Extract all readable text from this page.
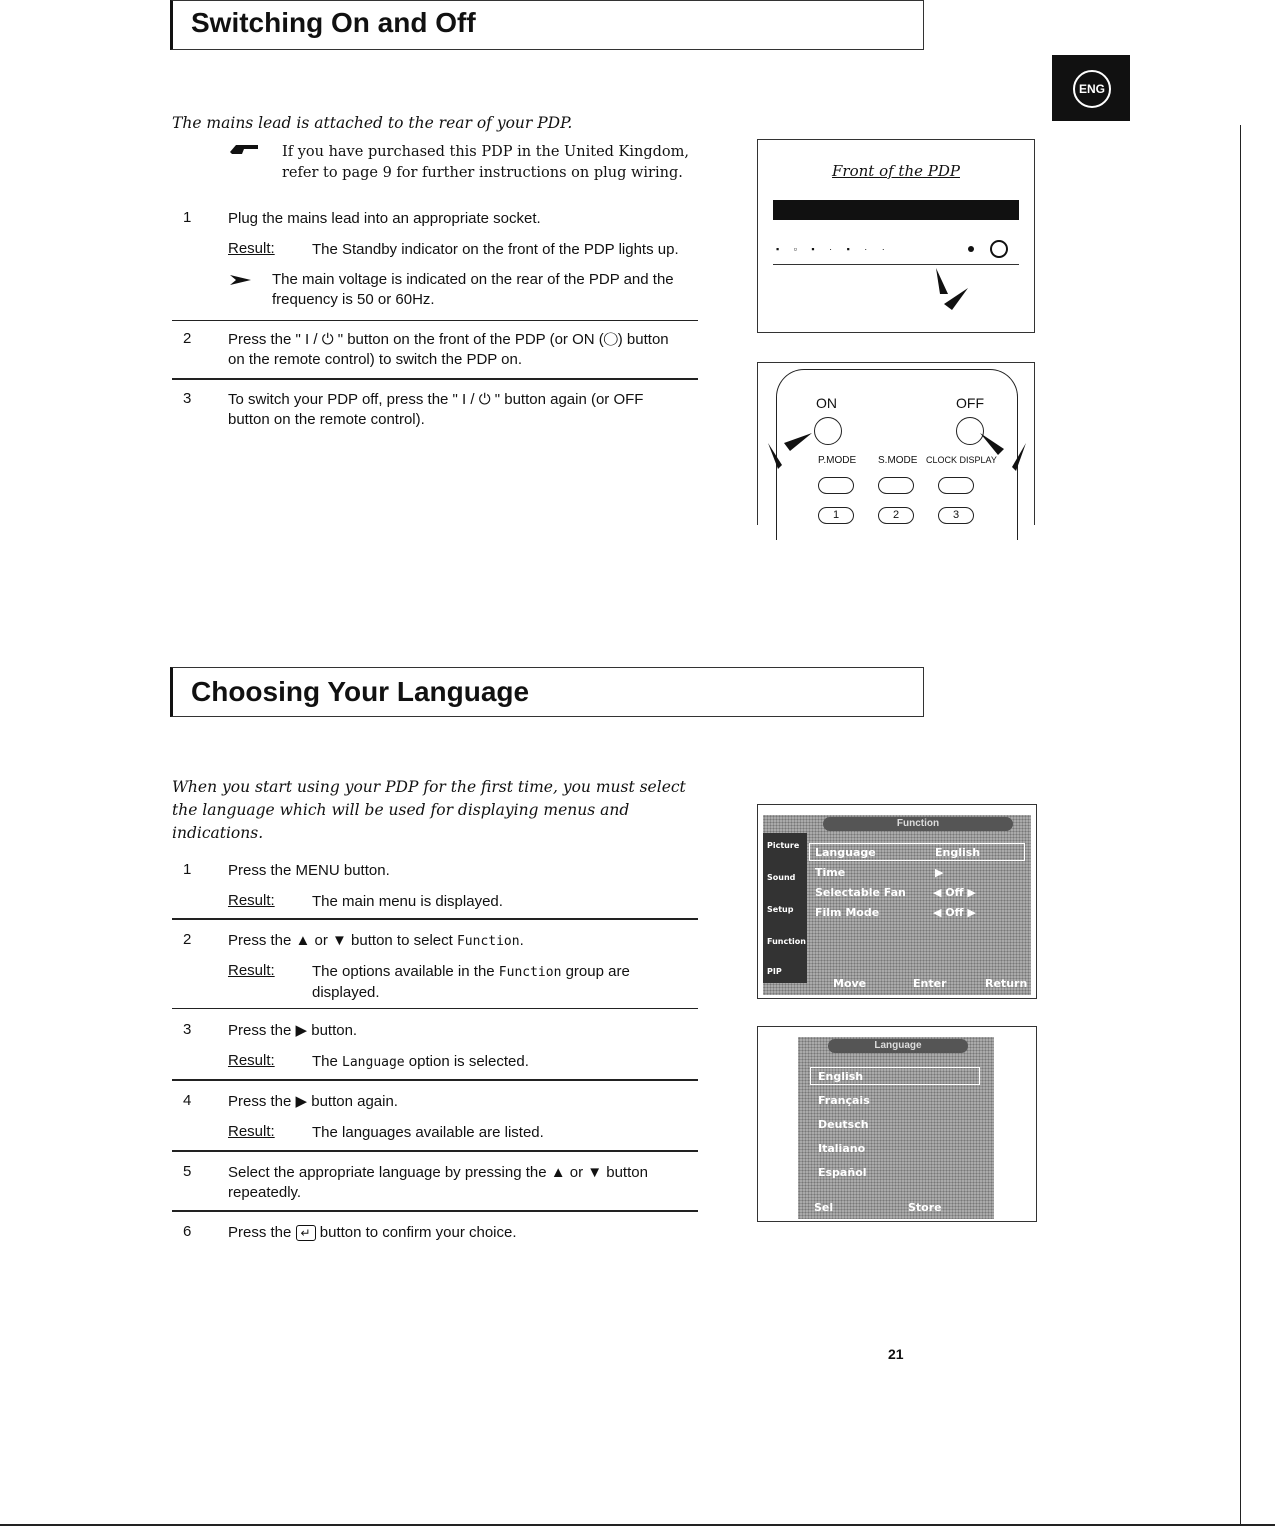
ENG
Switching On and Off
The mains lead is attached to the rear of your PDP.
If you have purchased this PDP in the United Kingdom, refer to page 9 for further instructions on plug wiring.
1 Plug the mains lead into an appropriate socket.
Result: The Standby indicator on the front of the PDP lights up.
The main voltage is indicated on the rear of the PDP and the frequency is 50 or 60Hz.
2 Press the " I / ⏻ " button on the front of the PDP (or ON (◯) button on the remote control) to switch the PDP on.
3 To switch your PDP off, press the " I / ⏻ " button again (or OFF button on the remote control).
Front of the PDP
▪ ▫ ▪ · ▪ · ·
ON	OFF
P.MODE S.MODE CLOCK DISPLAY
1	2	3
Choosing Your Language
When you start using your PDP for the first time, you must select the language which will be used for displaying menus and indications.
1 Press the MENU button.
Result: The main menu is displayed.
2 Press the ▲ or ▼ button to select Function.
Result: The options available in the Function group are displayed.
3 Press the ▶ button.
Result: The Language option is selected.
4 Press the ▶ button again.
Result: The languages available are listed.
5 Select the appropriate language by pressing the ▲ or ▼ button repeatedly.
6 Press the ↵ button to confirm your choice.
Function
Picture
Sound
Setup
Function
PIP
Language	English
Time	▶
Selectable Fan ◀ Off ▶
Film Mode	◀ Off ▶
Move	Enter	Return
Language
English
Français
Deutsch
Italiano
Español
Sel	Store
21
